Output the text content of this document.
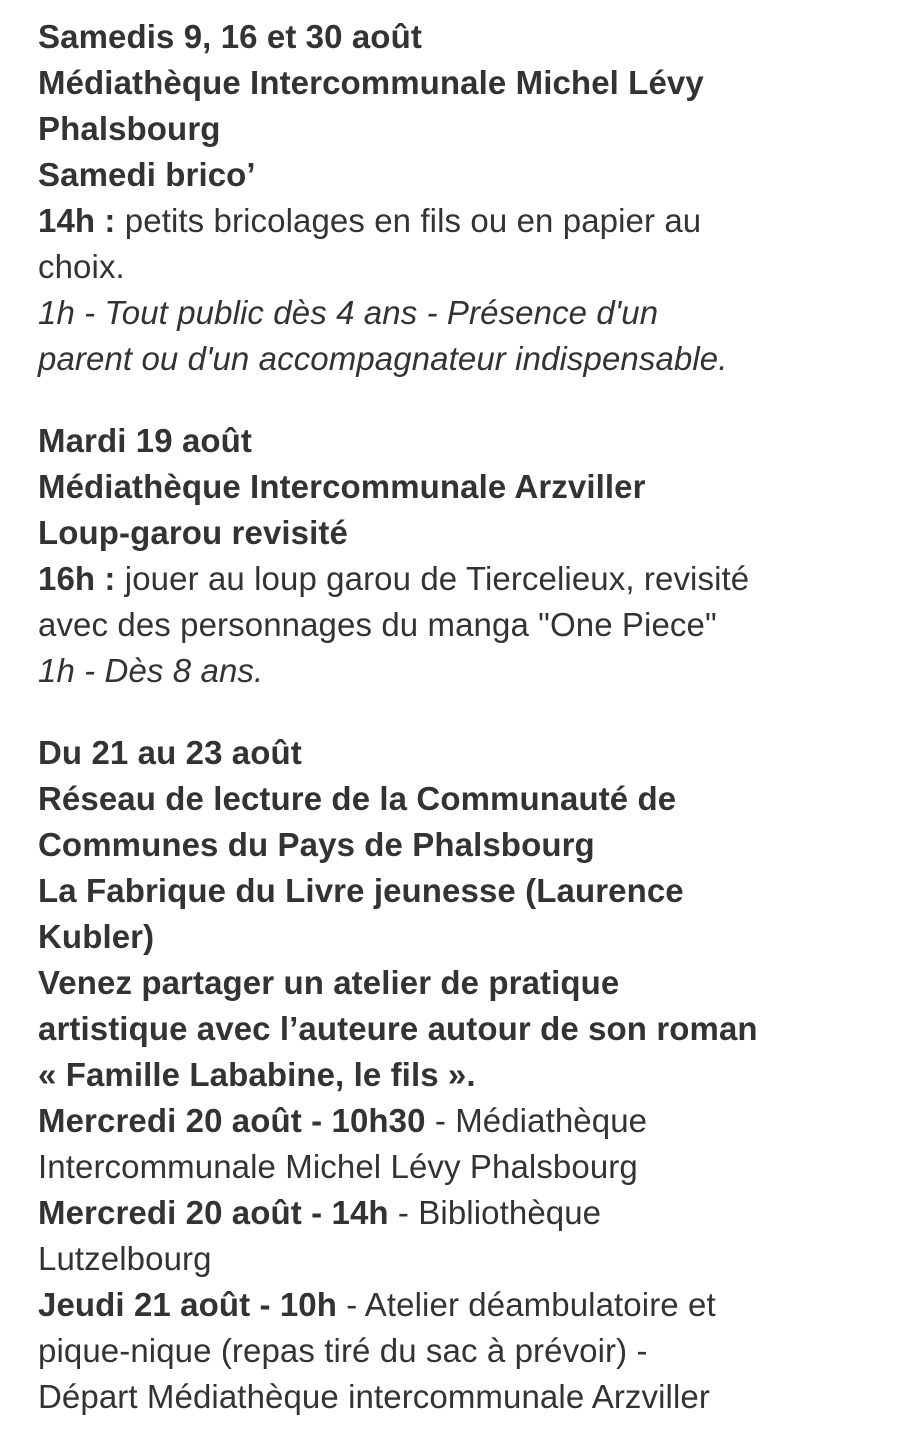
Samedis 9, 16 et 30 août
Médiathèque Intercommunale Michel Lévy
Phalsbourg
Samedi brico’
14h : petits bricolages en fils ou en papier au
choix.
1h - Tout public dès 4 ans - Présence d'un
parent ou d'un accompagnateur indispensable.
Mardi 19 août
Médiathèque Intercommunale Arzviller
Loup-garou revisité
16h : jouer au loup garou de Tiercelieux, revisité
avec des personnages du manga "One Piece"
1h - Dès 8 ans.
Du 21 au 23 août
Réseau de lecture de la Communauté de
Communes du Pays de Phalsbourg
La Fabrique du Livre jeunesse (Laurence
Kubler)
Venez partager un atelier de pratique
artistique avec l’auteure autour de son roman
« Famille Lababine, le fils ».
Mercredi 20 août - 10h30 - Médiathèque
Intercommunale Michel Lévy Phalsbourg
Mercredi 20 août - 14h - Bibliothèque
Lutzelbourg
Jeudi 21 août - 10h - Atelier déambulatoire et
pique-nique (repas tiré du sac à prévoir) -
Départ Médiathèque intercommunale Arzviller
